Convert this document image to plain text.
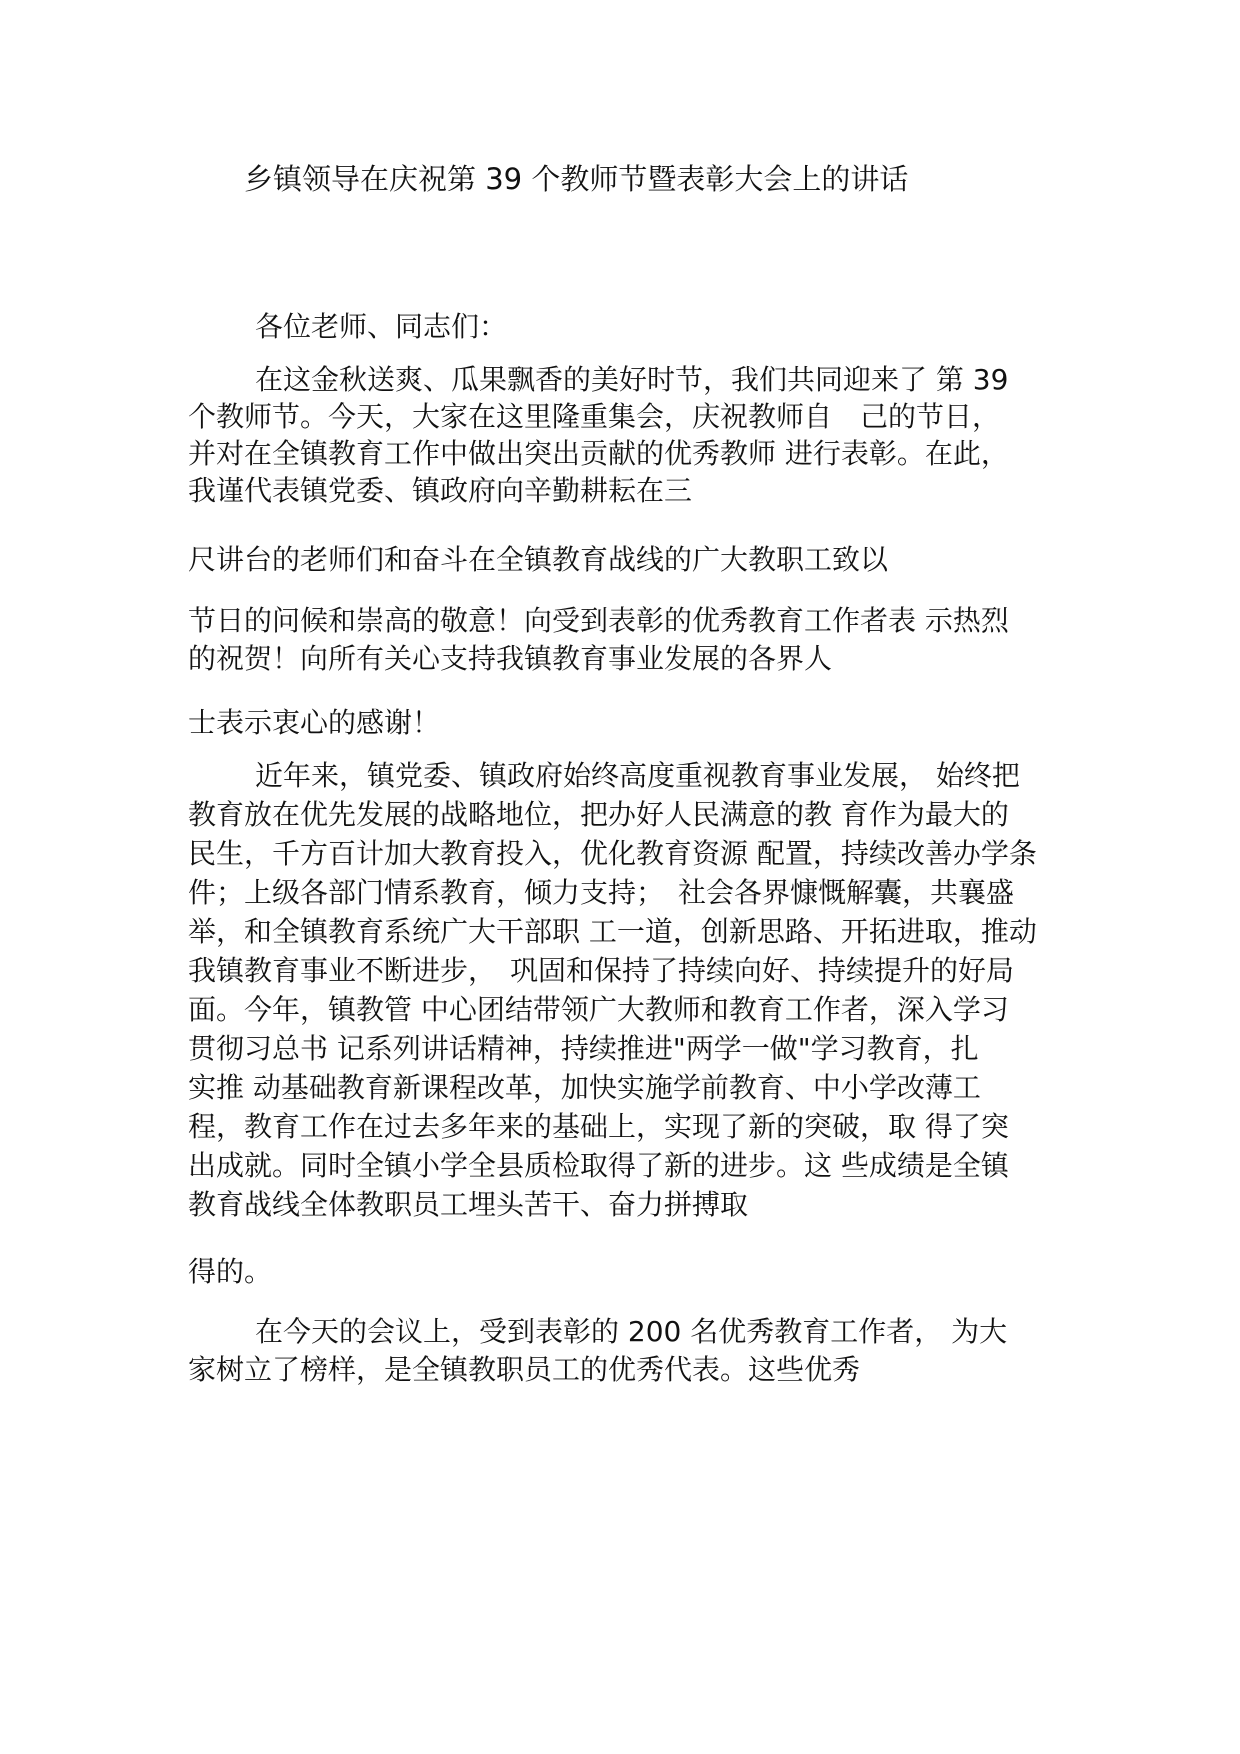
乡镇领导在庆祝第 39 个教师节暨表彰大会上的讲话
各位老师、同志们：
在这金秋送爽、瓜果飘香的美好时节，我们共同迎来了 第 39
个教师节。今天，大家在这里隆重集会，庆祝教师自　己的节日，
并对在全镇教育工作中做出突出贡献的优秀教师 进行表彰。在此，
我谨代表镇党委、镇政府向辛勤耕耘在三
尺讲台的老师们和奋斗在全镇教育战线的广大教职工致以
节日的问候和崇高的敬意！向受到表彰的优秀教育工作者表 示热烈
的祝贺！向所有关心支持我镇教育事业发展的各界人
士表示衷心的感谢！
近年来，镇党委、镇政府始终高度重视教育事业发展， 始终把
教育放在优先发展的战略地位，把办好人民满意的教 育作为最大的
民生，千方百计加大教育投入，优化教育资源 配置，持续改善办学条
件；上级各部门情系教育，倾力支持；　社会各界慷慨解囊，共襄盛
举，和全镇教育系统广大干部职 工一道，创新思路、开拓进取，推动
我镇教育事业不断进步，　巩固和保持了持续向好、持续提升的好局
面。今年，镇教管 中心团结带领广大教师和教育工作者，深入学习
贯彻习总书 记系列讲话精神，持续推进"两学一做"学习教育，扎
实推 动基础教育新课程改革，加快实施学前教育、中小学改薄工
程，教育工作在过去多年来的基础上，实现了新的突破，取 得了突
出成就。同时全镇小学全县质检取得了新的进步。这 些成绩是全镇
教育战线全体教职员工埋头苦干、奋力拼搏取
得的。
在今天的会议上，受到表彰的 200 名优秀教育工作者， 为大
家树立了榜样，是全镇教职员工的优秀代表。这些优秀
